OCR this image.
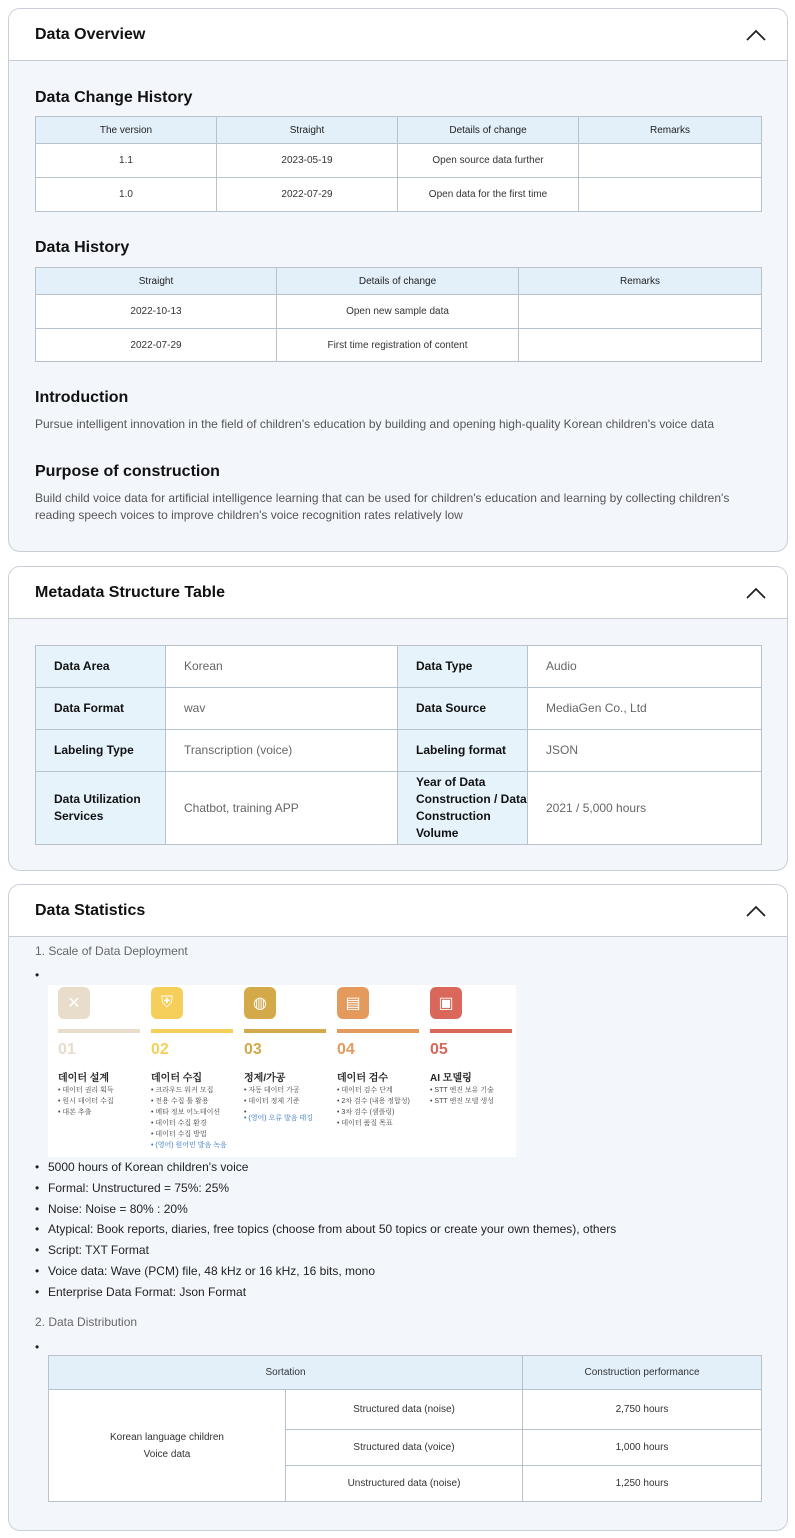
Data Overview
Data Change History
The version	Straight	Details of change	Remarks
1.1	2023-05-19	Open source data further	
1.0	2022-07-29	Open data for the first time	
Data History
Straight	Details of change	Remarks
2022-10-13	Open new sample data	
2022-07-29	First time registration of content	
Introduction
Pursue intelligent innovation in the field of children's education by building and opening high-quality Korean children's voice data
Purpose of construction
Build child voice data for artificial intelligence learning that can be used for children's education and learning by collecting children's reading speech voices to improve children's voice recognition rates relatively low
Metadata Structure Table
Data Area	Korean	Data Type	Audio
Data Format	wav	Data Source	MediaGen Co., Ltd
Labeling Type	Transcription (voice)	Labeling format	JSON
Data Utilization Services	Chatbot, training APP	Year of Data Construction / Data Construction Volume	2021 / 5,000 hours
Data Statistics
1. Scale of Data Deployment
✕
01
데이터 설계
• 데이터 권리 획득
• 원시 데이터 수집
• 대본 추출
⛨
02
데이터 수집
• 크라우드 워커 모집
• 전용 수집 툴 활용
• 메타 정보 어노테이션
• 데이터 수집 환경
• 데이터 수집 방법
• (영어) 원어민 발음 녹음
◍
03
정제/가공
• 자동 데이터 가공
• 데이터 정제 기준
•
• (영어) 오류 발음 태깅
▤
04
데이터 검수
• 데이터 검수 단계
• 2차 검수 (내용 정합성)
• 3차 검수 (샘플링)
• 데이터 품질 목표
▣
05
AI 모델링
• STT 엔진 보유 기술
• STT 엔진 모델 생성
5000 hours of Korean children's voice
Formal: Unstructured = 75%: 25%
Noise: Noise = 80% : 20%
Atypical: Book reports, diaries, free topics (choose from about 50 topics or create your own themes), others
Script: TXT Format
Voice data: Wave (PCM) file, 48 kHz or 16 kHz, 16 bits, mono
Enterprise Data Format: Json Format
2. Data Distribution
Sortation		Construction performance

Korean language children
Voice data	Structured data (noise)	2,750 hours
	Structured data (voice)	1,000 hours
	Unstructured data (noise)	1,250 hours
